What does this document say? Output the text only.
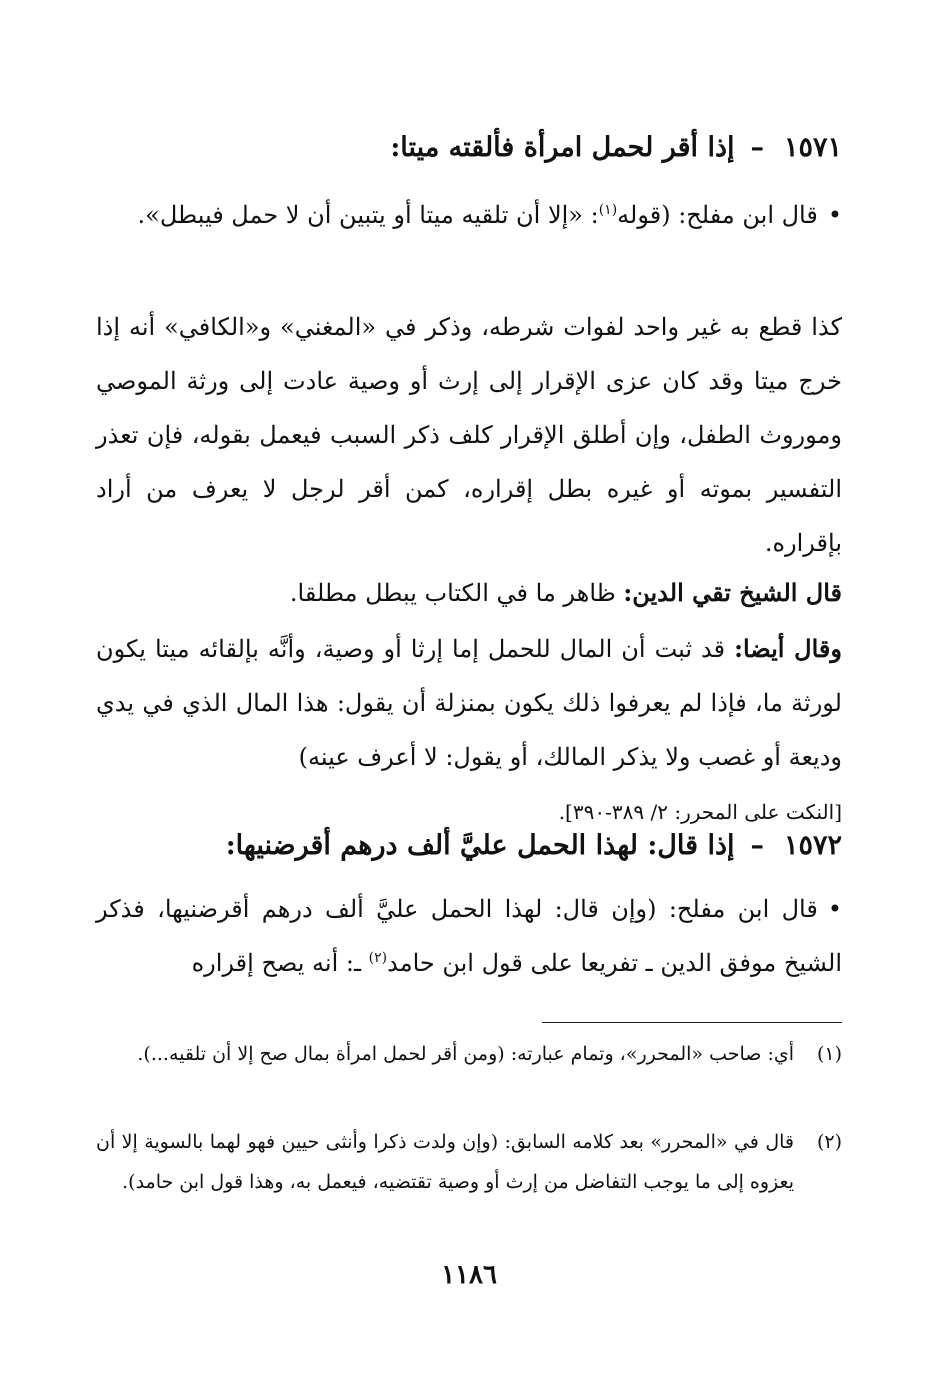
١٥٧١–إذا أقر لحمل امرأة فألقته ميتا:
•قال ابن مفلح: (قوله$^{(١)}$: «إلا أن تلقيه ميتا أو يتبين أن لا حمل فيبطل».
كذا قطع به غير واحد لفوات شرطه، وذكر في «المغني» و«الكافي» أنه إذا خرج ميتا وقد كان عزى الإقرار إلى إرث أو وصية عادت إلى ورثة الموصي وموروث الطفل، وإن أطلق الإقرار كلف ذكر السبب فيعمل بقوله، فإن تعذر التفسير بموته أو غيره بطل إقراره، كمن أقر لرجل لا يعرف من أراد بإقراره.
قال الشيخ تقي الدين: ظاهر ما في الكتاب يبطل مطلقا.
وقال أيضا: قد ثبت أن المال للحمل إما إرثا أو وصية، وأنَّه بإلقائه ميتا يكون لورثة ما، فإذا لم يعرفوا ذلك يكون بمنزلة أن يقول: هذا المال الذي في يدي وديعة أو غصب ولا يذكر المالك، أو يقول: لا أعرف عينه)
[النكت على المحرر: ٢/ ٣٨٩-٣٩٠].
١٥٧٢–إذا قال: لهذا الحمل عليَّ ألف درهم أقرضنيها:
•قال ابن مفلح: (وإن قال: لهذا الحمل عليَّ ألف درهم أقرضنيها، فذكر الشيخ موفق الدين ـ تفريعا على قول ابن حامد$^{(٢)}$ ـ: أنه يصح إقراره
(١)
أي: صاحب «المحرر»، وتمام عبارته: (ومن أقر لحمل امرأة بمال صح إلا أن تلقيه...).
(٢)
قال في «المحرر» بعد كلامه السابق: (وإن ولدت ذكرا وأنثى حيين فهو لهما بالسوية إلا أن يعزوه إلى ما يوجب التفاضل من إرث أو وصية تقتضيه، فيعمل به، وهذا قول ابن حامد).
١١٨٦
